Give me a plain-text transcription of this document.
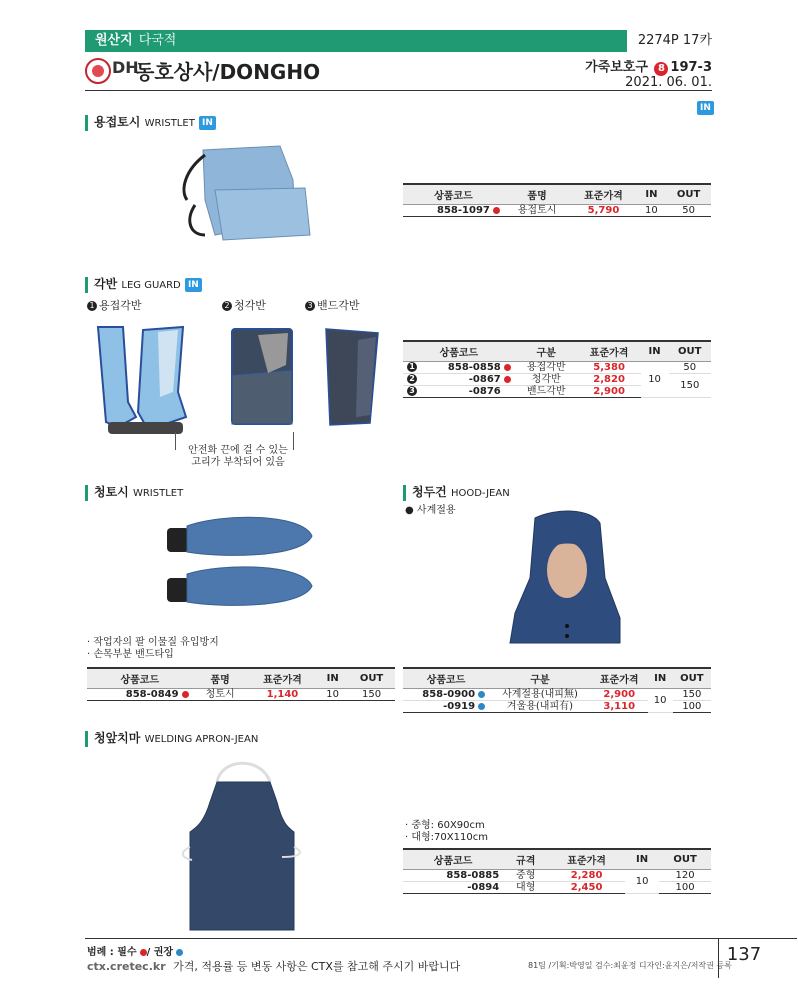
원산지 다국적	2274P 17카
DH
동호상사/DONGHO	가죽보호구 8 197-3
2021. 06. 01.
IN
용접토시 WRISTLET IN
상품코드	품명	표준가격	IN	OUT
858-1097	용접토시	5,790	10	50
각반 LEG GUARD IN
1 용접각반	2 청각반	3 밴드각반
안전화 끈에 걸 수 있는
고리가 부착되어 있음
상품코드	구분	표준가격	IN	OUT

1 858-0858	용접각반	5,380	10	50

2 -0867	청각반	2,820		150

3 -0876	밴드각반	2,900		
청토시 WRISTLET
· 작업자의 팔 이물질 유입방지
· 손목부분 밴드타입
상품코드	품명	표준가격	IN	OUT
858-0849	청토시	1,140	10	150
청두건 HOOD-JEAN
● 사계절용
상품코드	구분	표준가격	IN	OUT
858-0900	사계절용(내피無)	2,900	10	150
-0919	겨울용(내피有)	3,110		100
청앞치마 WELDING APRON-JEAN
· 중형: 60X90cm
· 대형:70X110cm
상품코드	규격	표준가격	IN	OUT
858-0885	중형	2,280	10	120
-0894	대형	2,450		100
범례 : 필수 / 권장
ctx.cretec.kr 가격, 적용률 등 변동 사항은 CTX를 참고해 주시기 바랍니다	81팀 /기획:박영일 검수:최윤정 디자인:윤지은/저작권 등록
137
